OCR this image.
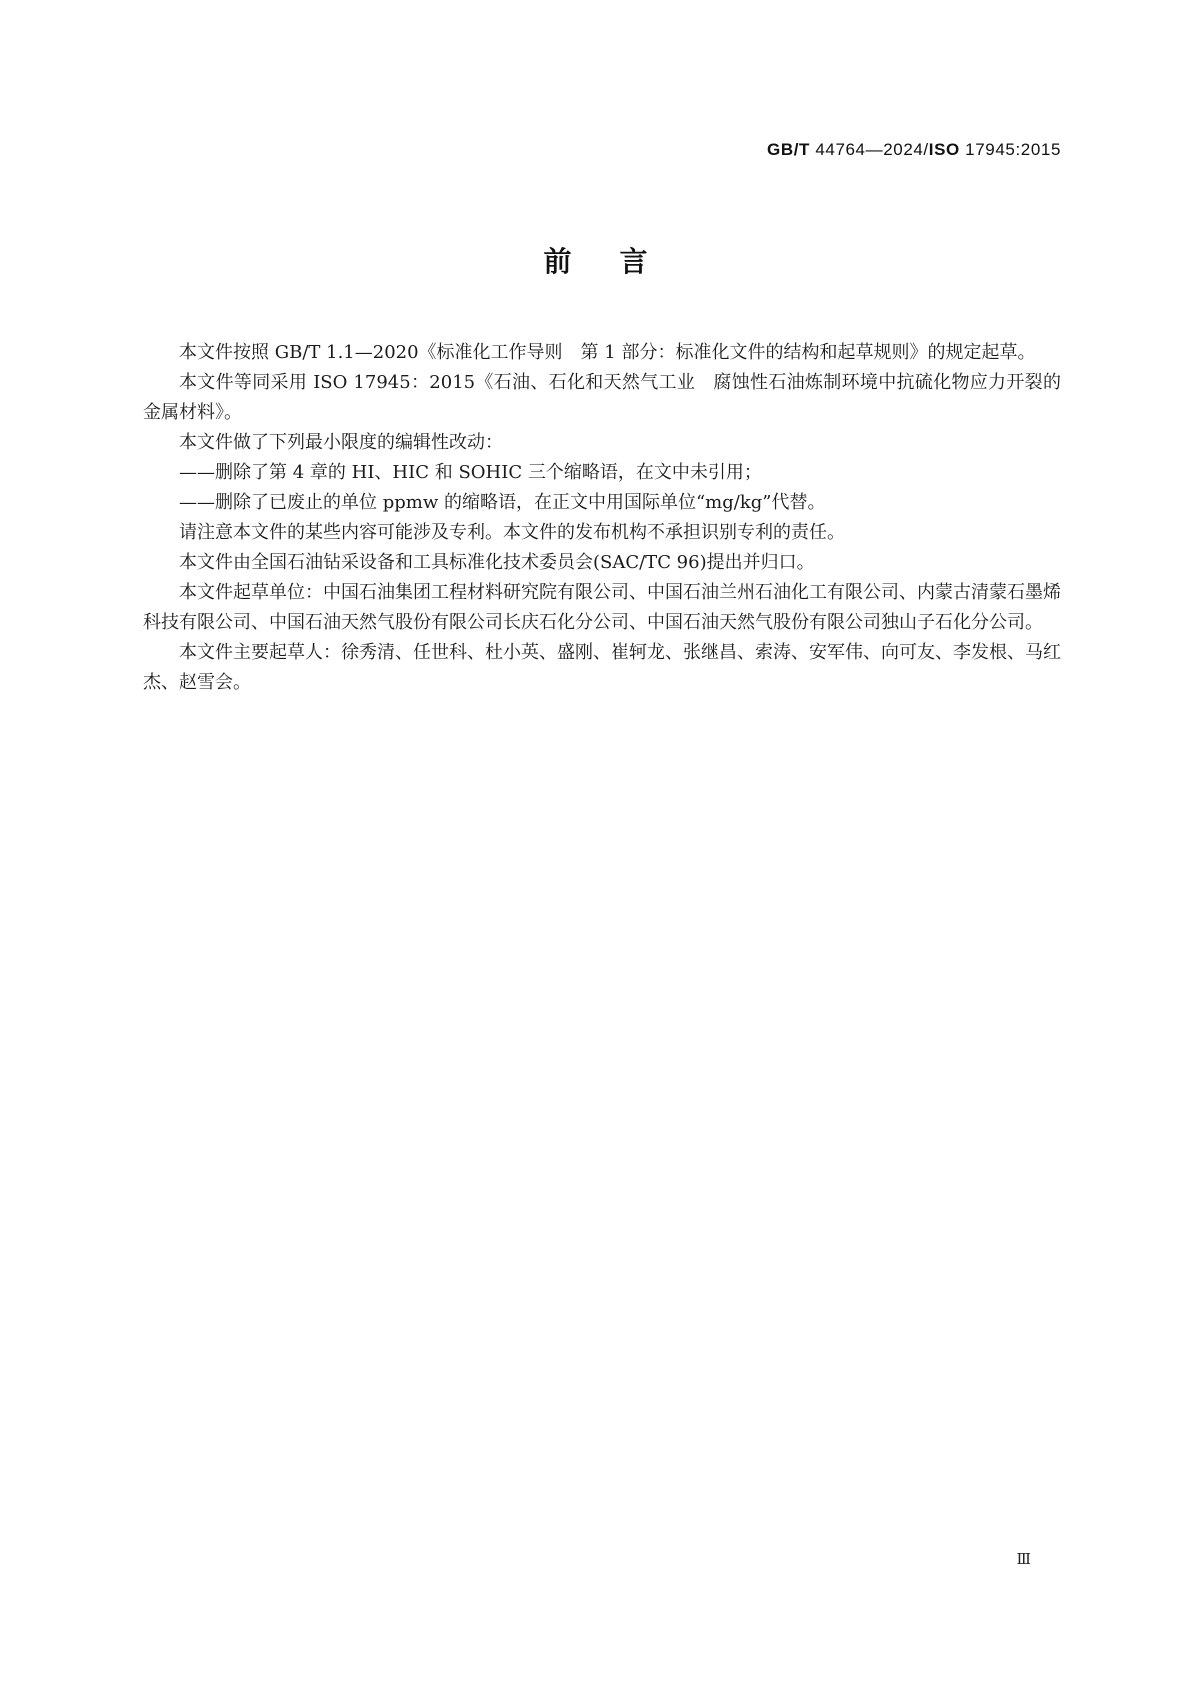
GB/T 44764—2024/ISO 17945:2015
前言

本文件按照 GB/T 1.1—2020《标准化工作导则　第 1 部分：标准化文件的结构和起草规则》的规定起草。

本文件等同采用 ISO 17945：2015《石油、石化和天然气工业　腐蚀性石油炼制环境中抗硫化物应力开裂的金属材料》。

本文件做了下列最小限度的编辑性改动：

——删除了第 4 章的 HI、HIC 和 SOHIC 三个缩略语，在文中未引用；

——删除了已废止的单位 ppmw 的缩略语，在正文中用国际单位“mg/kg”代替。

请注意本文件的某些内容可能涉及专利。本文件的发布机构不承担识别专利的责任。

本文件由全国石油钻采设备和工具标准化技术委员会(SAC/TC 96)提出并归口。

本文件起草单位：中国石油集团工程材料研究院有限公司、中国石油兰州石油化工有限公司、内蒙古清蒙石墨烯科技有限公司、中国石油天然气股份有限公司长庆石化分公司、中国石油天然气股份有限公司独山子石化分公司。

本文件主要起草人：徐秀清、任世科、杜小英、盛刚、崔轲龙、张继昌、索涛、安军伟、向可友、李发根、马红杰、赵雪会。

Ⅲ
